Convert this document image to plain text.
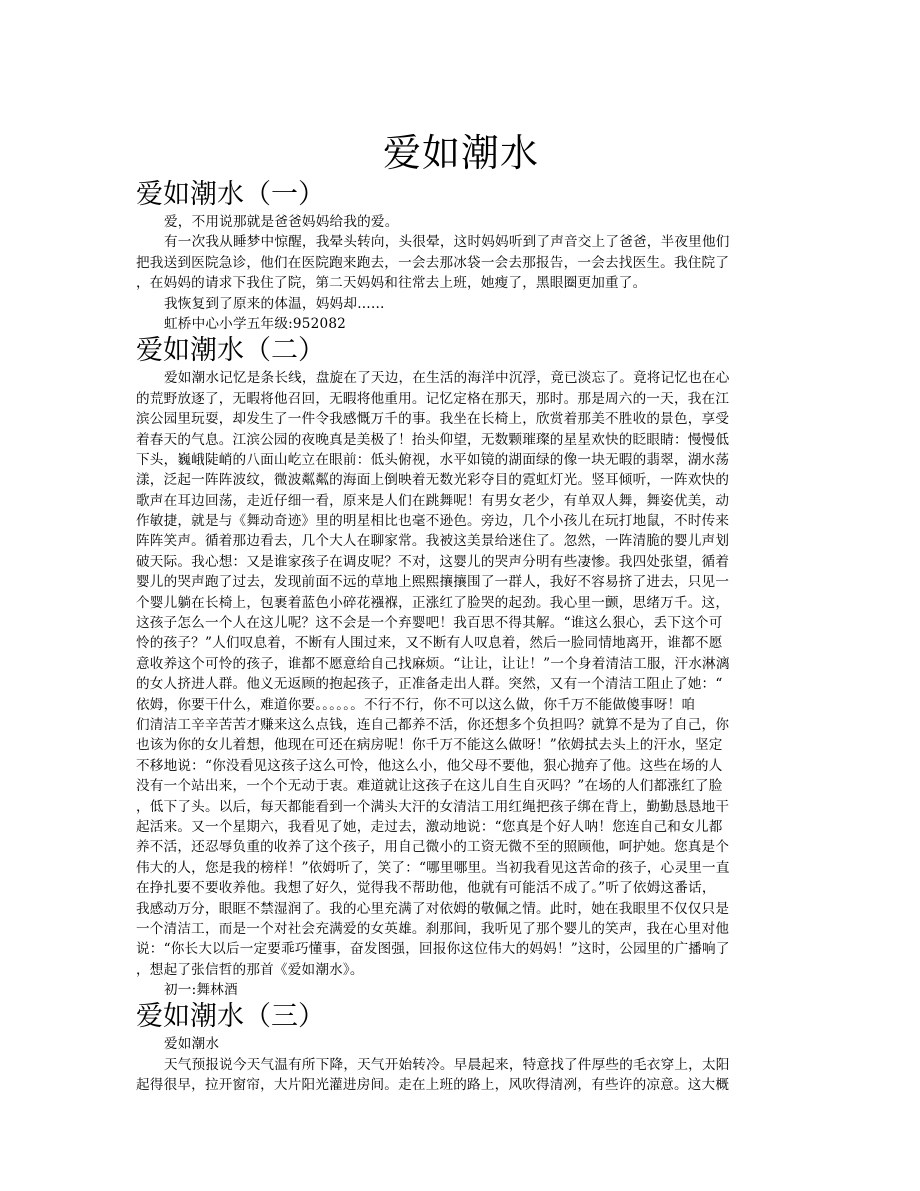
爱如潮水
爱如潮水（一）
爱，不用说那就是爸爸妈妈给我的爱。
有一次我从睡梦中惊醒，我晕头转向，头很晕，这时妈妈听到了声音交上了爸爸，半夜里他们
把我送到医院急诊，他们在医院跑来跑去，一会去那冰袋一会去那报告，一会去找医生。我住院了
，在妈妈的请求下我住了院，第二天妈妈和往常去上班，她瘦了，黑眼圈更加重了。
我恢复到了原来的体温，妈妈却……
虹桥中心小学五年级:952082
爱如潮水（二）
爱如潮水记忆是条长线，盘旋在了天边，在生活的海洋中沉浮，竟已淡忘了。竟将记忆也在心
的荒野放逐了，无暇将他召回，无暇将他重用。记忆定格在那天，那时。那是周六的一天，我在江
滨公园里玩耍，却发生了一件令我感慨万千的事。我坐在长椅上，欣赏着那美不胜收的景色，享受
着春天的气息。江滨公园的夜晚真是美极了！抬头仰望，无数颗璀璨的星星欢快的眨眼睛：慢慢低
下头，巍峨陡峭的八面山屹立在眼前：低头俯视，水平如镜的湖面绿的像一块无暇的翡翠，湖水荡
漾，泛起一阵阵波纹，微波粼粼的海面上倒映着无数光彩夺目的霓虹灯光。竖耳倾听，一阵欢快的
歌声在耳边回荡，走近仔细一看，原来是人们在跳舞呢！有男女老少，有单双人舞，舞姿优美，动
作敏捷，就是与《舞动奇迹》里的明星相比也毫不逊色。旁边，几个小孩儿在玩打地鼠，不时传来
阵阵笑声。循着那边看去，几个大人在聊家常。我被这美景给迷住了。忽然，一阵清脆的婴儿声划
破天际。我心想：又是谁家孩子在调皮呢？不对，这婴儿的哭声分明有些凄惨。我四处张望，循着
婴儿的哭声跑了过去，发现前面不远的草地上熙熙攘攘围了一群人，我好不容易挤了进去，只见一
个婴儿躺在长椅上，包裹着蓝色小碎花襁褓，正涨红了脸哭的起劲。我心里一颤，思绪万千。这，
这孩子怎么一个人在这儿呢？这不会是一个弃婴吧！我百思不得其解。“谁这么狠心，丢下这个可
怜的孩子？”人们叹息着，不断有人围过来，又不断有人叹息着，然后一脸同情地离开，谁都不愿
意收养这个可怜的孩子，谁都不愿意给自己找麻烦。“让让，让让！”一个身着清洁工服，汗水淋漓
的女人挤进人群。他义无返顾的抱起孩子，正准备走出人群。突然，又有一个清洁工阻止了她：“
依姆，你要干什么，难道你要。。。。。。不行不行，你不可以这么做，你千万不能做傻事呀！咱
们清洁工辛辛苦苦才赚来这么点钱，连自己都养不活，你还想多个负担吗？就算不是为了自己，你
也该为你的女儿着想，他现在可还在病房呢！你千万不能这么做呀！”依姆拭去头上的汗水，坚定
不移地说：“你没看见这孩子这么可怜，他这么小，他父母不要他，狠心抛弃了他。这些在场的人
没有一个站出来，一个个无动于衷。难道就让这孩子在这儿自生自灭吗？”在场的人们都涨红了脸
，低下了头。以后，每天都能看到一个满头大汗的女清洁工用红绳把孩子绑在背上，勤勤恳恳地干
起活来。又一个星期六，我看见了她，走过去，激动地说：“您真是个好人呐！您连自己和女儿都
养不活，还忍辱负重的收养了这个孩子，用自己微小的工资无微不至的照顾他，呵护她。您真是个
伟大的人，您是我的榜样！”依姆听了，笑了：“哪里哪里。当初我看见这苦命的孩子，心灵里一直
在挣扎要不要收养他。我想了好久，觉得我不帮助他，他就有可能活不成了。”听了依姆这番话，
我感动万分，眼眶不禁湿润了。我的心里充满了对依姆的敬佩之情。此时，她在我眼里不仅仅只是
一个清洁工，而是一个对社会充满爱的女英雄。刹那间，我听见了那个婴儿的笑声，我在心里对他
说：“你长大以后一定要乖巧懂事，奋发图强，回报你这位伟大的妈妈！”这时，公园里的广播响了
，想起了张信哲的那首《爱如潮水》。
初一:舞林酒
爱如潮水（三）
爱如潮水
天气预报说今天气温有所下降，天气开始转冷。早晨起来，特意找了件厚些的毛衣穿上，太阳
起得很早，拉开窗帘，大片阳光灌进房间。走在上班的路上，风吹得清冽，有些许的凉意。这大概
